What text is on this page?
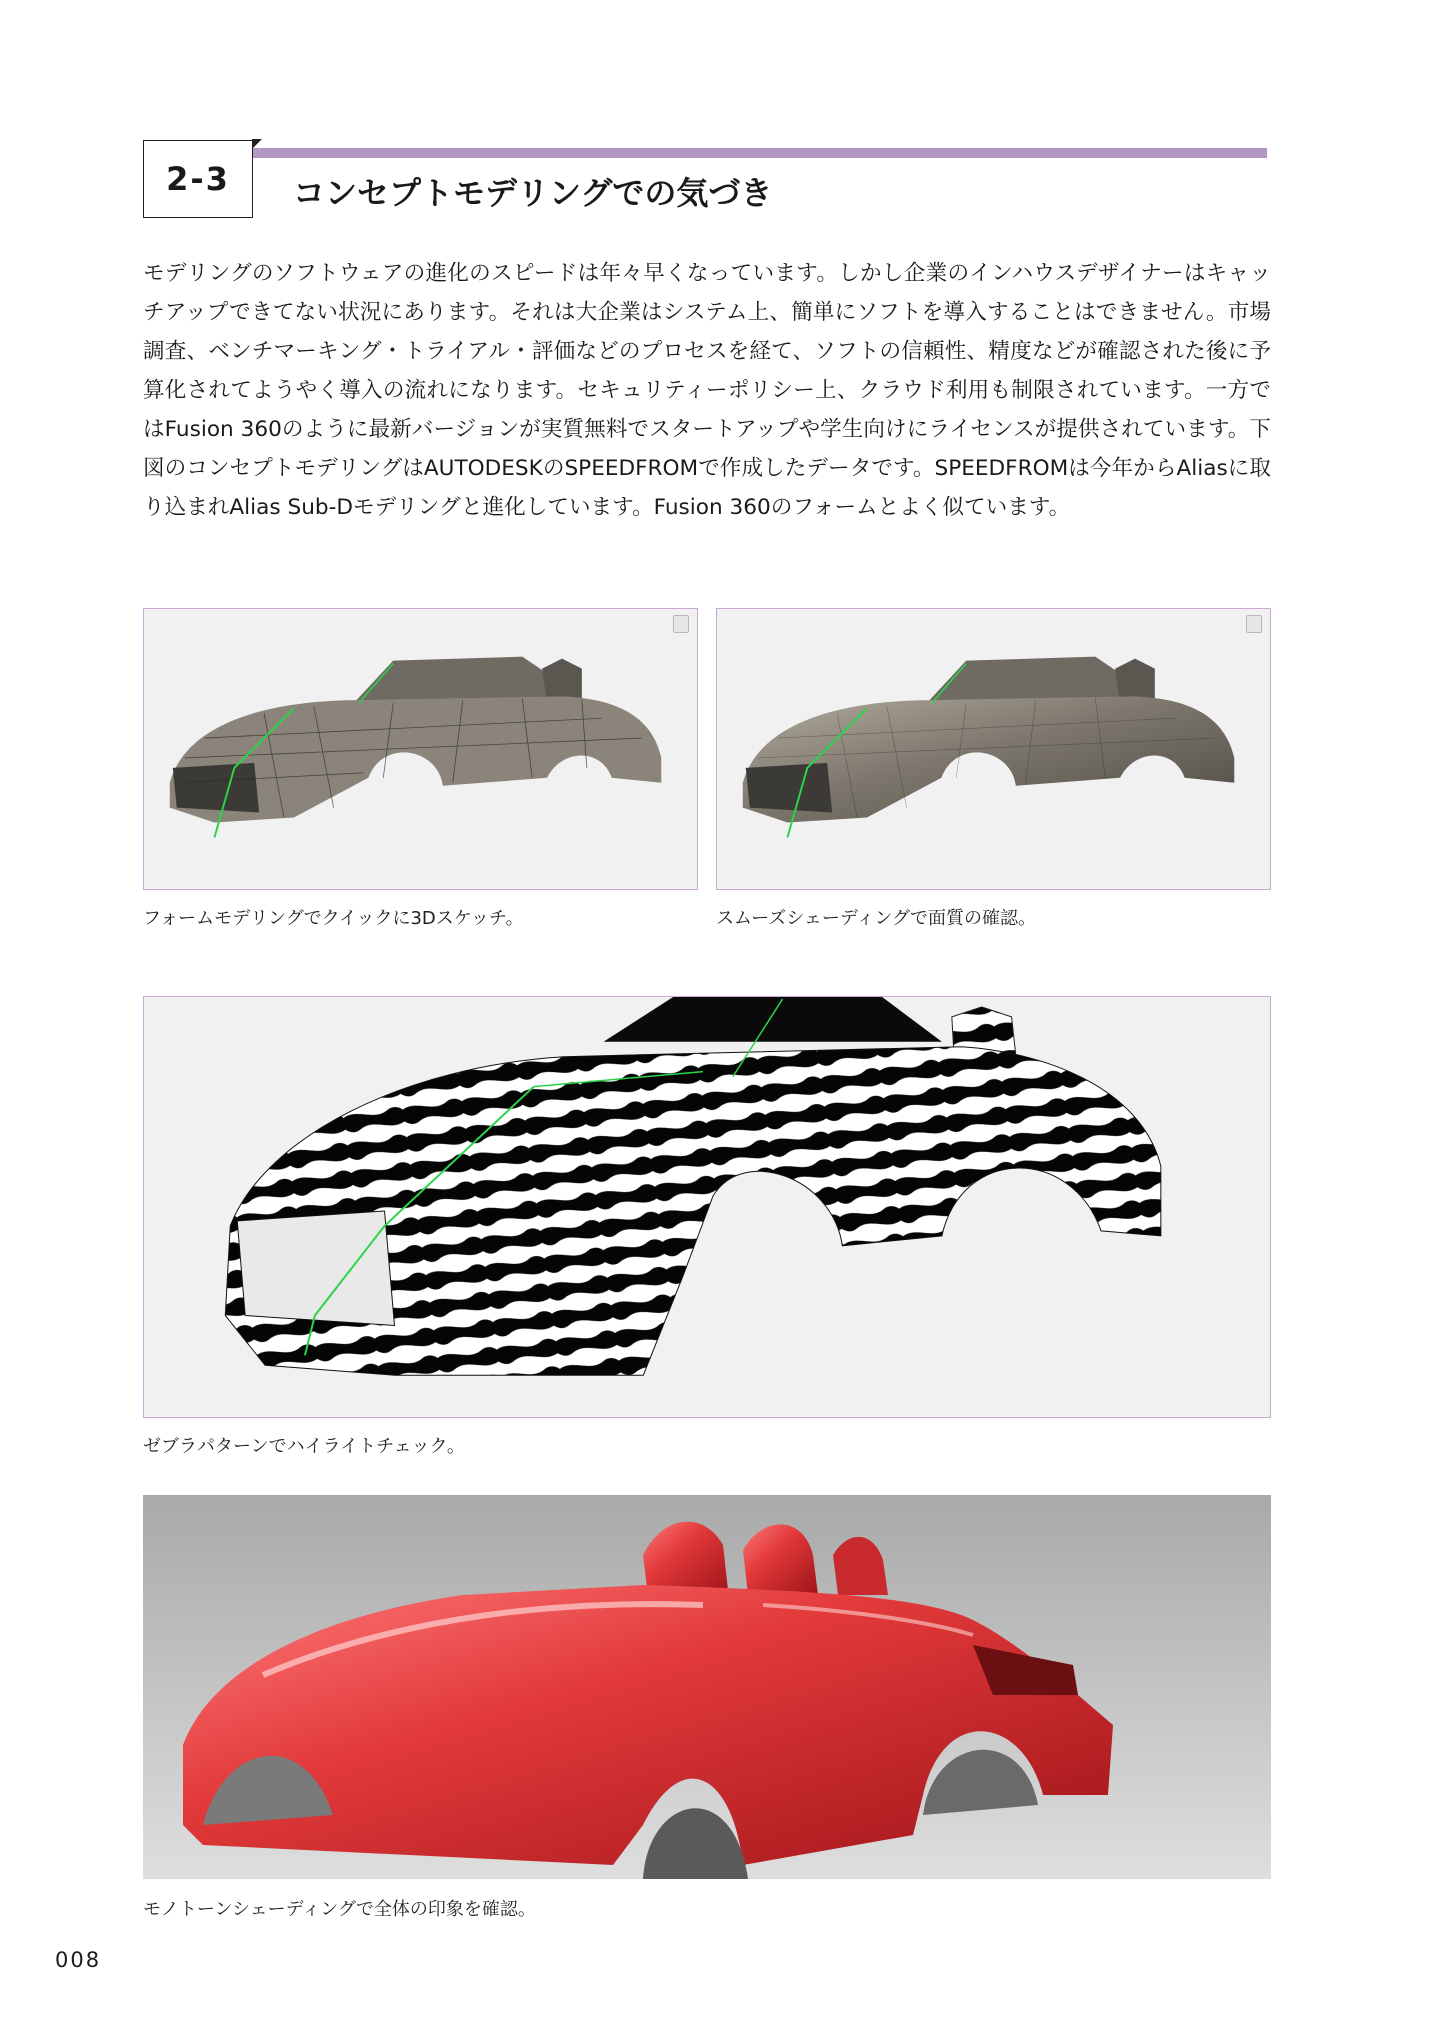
2-3 コンセプトモデリングでの気づき

モデリングのソフトウェアの進化のスピードは年々早くなっています。しかし企業のインハウスデザイナーはキャッチアップできてない状況にあります。それは大企業はシステム上、簡単にソフトを導入することはできません。市場調査、ベンチマーキング・トライアル・評価などのプロセスを経て、ソフトの信頼性、精度などが確認された後に予算化されてようやく導入の流れになります。セキュリティーポリシー上、クラウド利用も制限されています。一方ではFusion 360のように最新バージョンが実質無料でスタートアップや学生向けにライセンスが提供されています。下図のコンセプトモデリングはAUTODESKのSPEEDFROMで作成したデータです。SPEEDFROMは今年からAliasに取り込まれAlias Sub-Dモデリングと進化しています。Fusion 360のフォームとよく似ています。

フォームモデリングでクイックに3Dスケッチ。	スムーズシェーディングで面質の確認。
ゼブラパターンでハイライトチェック。
モノトーンシェーディングで全体の印象を確認。
008
